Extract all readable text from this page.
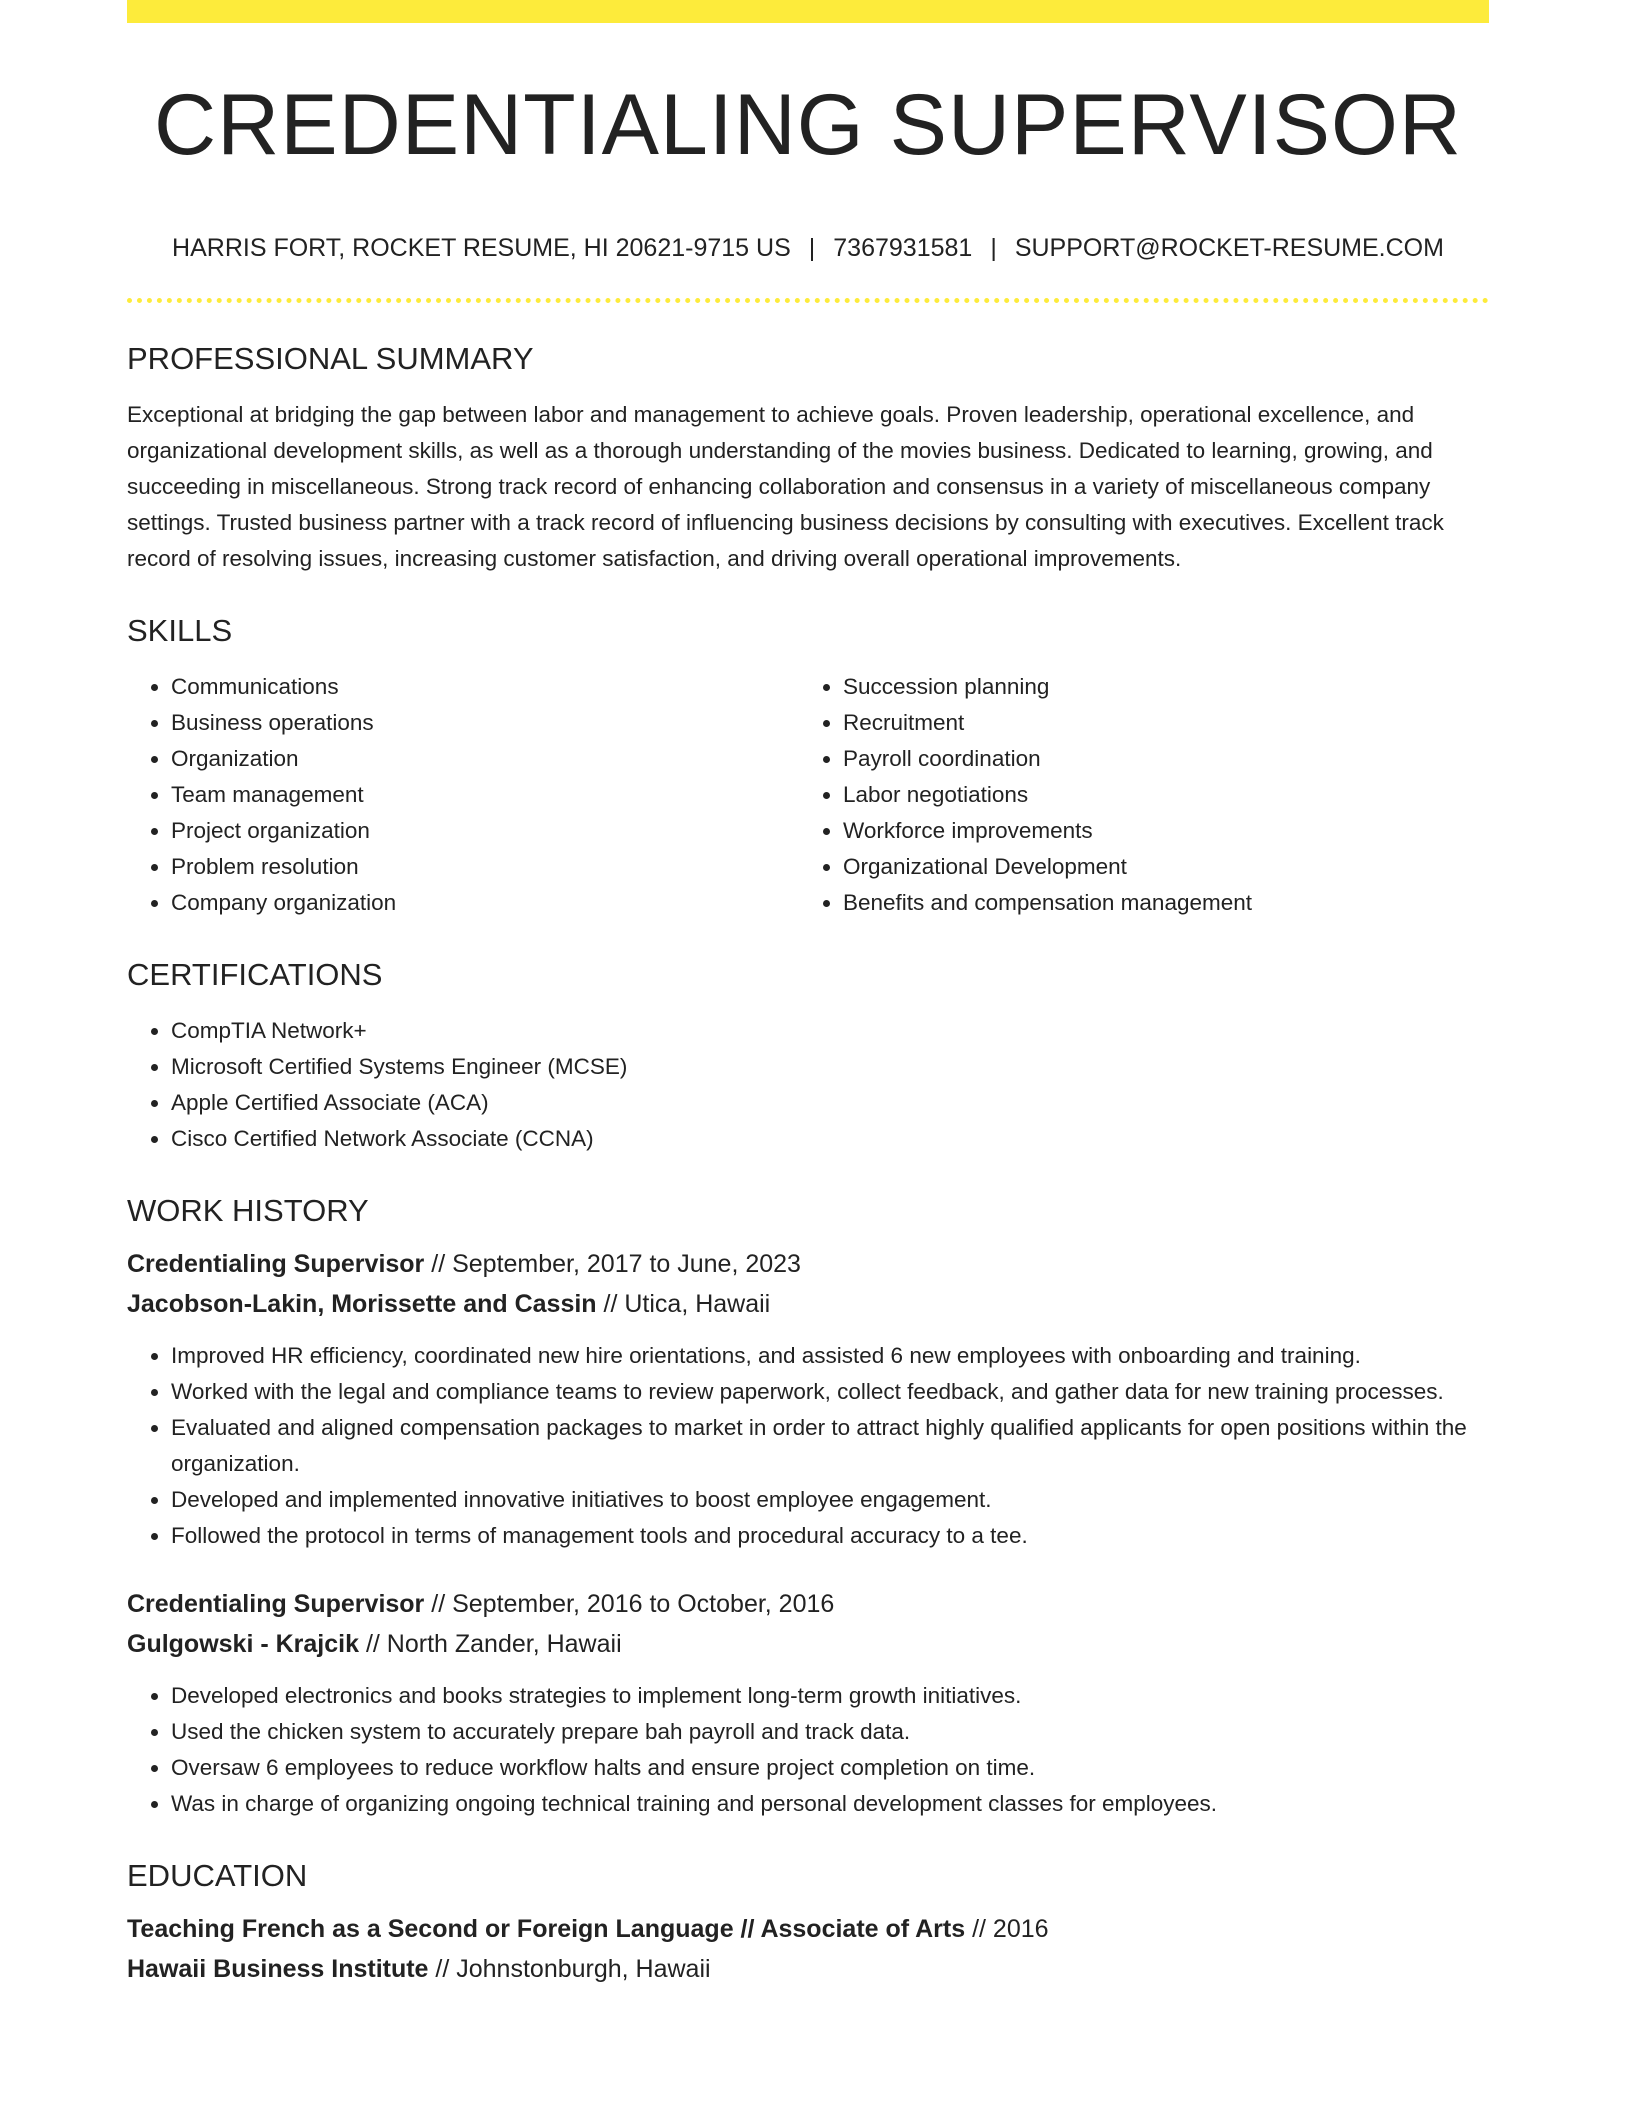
CREDENTIALING SUPERVISOR
HARRIS FORT, ROCKET RESUME, HI 20621-9715 US | 7367931581 | SUPPORT@ROCKET-RESUME.COM
PROFESSIONAL SUMMARY

Exceptional at bridging the gap between labor and management to achieve goals. Proven leadership, operational excellence, and organizational development skills, as well as a thorough understanding of the movies business. Dedicated to learning, growing, and succeeding in miscellaneous. Strong track record of enhancing collaboration and consensus in a variety of miscellaneous company settings. Trusted business partner with a track record of influencing business decisions by consulting with executives. Excellent track record of resolving issues, increasing customer satisfaction, and driving overall operational improvements.

SKILLS
• Communications
• Business operations
• Organization
• Team management
• Project organization
• Problem resolution
• Company organization
• Succession planning
• Recruitment
• Payroll coordination
• Labor negotiations
• Workforce improvements
• Organizational Development
• Benefits and compensation management
CERTIFICATIONS
• CompTIA Network+
• Microsoft Certified Systems Engineer (MCSE)
• Apple Certified Associate (ACA)
• Cisco Certified Network Associate (CCNA)
WORK HISTORY
Credentialing Supervisor // September, 2017 to June, 2023
Jacobson-Lakin, Morissette and Cassin // Utica, Hawaii
• Improved HR efficiency, coordinated new hire orientations, and assisted 6 new employees with onboarding and training.
• Worked with the legal and compliance teams to review paperwork, collect feedback, and gather data for new training processes.
• Evaluated and aligned compensation packages to market in order to attract highly qualified applicants for open positions within the organization.
• Developed and implemented innovative initiatives to boost employee engagement.
• Followed the protocol in terms of management tools and procedural accuracy to a tee.
Credentialing Supervisor // September, 2016 to October, 2016
Gulgowski - Krajcik // North Zander, Hawaii
• Developed electronics and books strategies to implement long-term growth initiatives.
• Used the chicken system to accurately prepare bah payroll and track data.
• Oversaw 6 employees to reduce workflow halts and ensure project completion on time.
• Was in charge of organizing ongoing technical training and personal development classes for employees.
EDUCATION
Teaching French as a Second or Foreign Language // Associate of Arts // 2016
Hawaii Business Institute // Johnstonburgh, Hawaii
